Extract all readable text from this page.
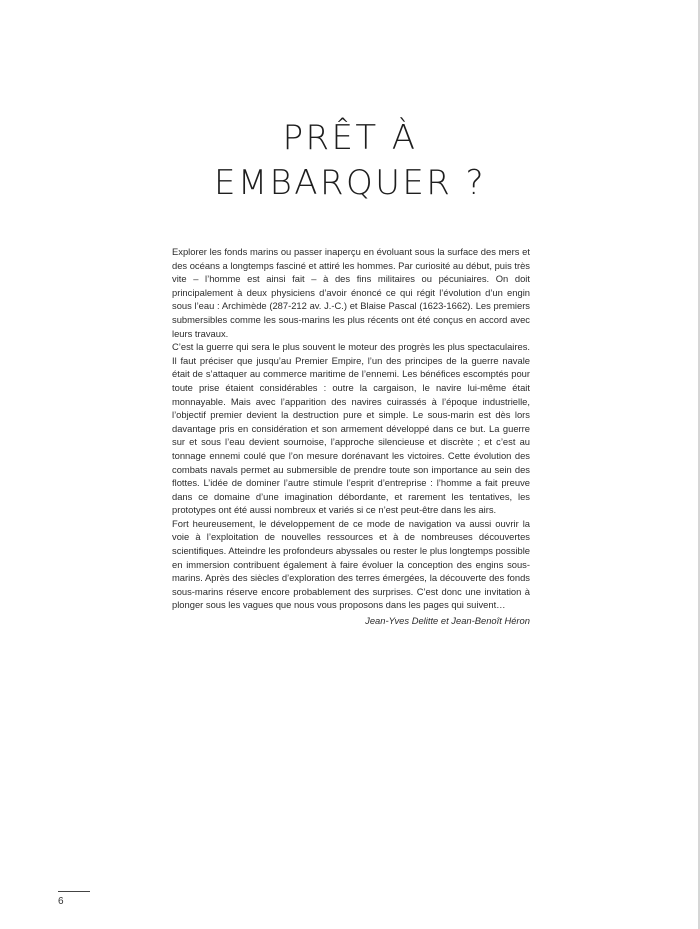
PRÊT À
EMBARQUER ?

Explorer les fonds marins ou passer inaperçu en évoluant sous la surface des mers et des océans a longtemps fasciné et attiré les hommes. Par curiosité au début, puis très vite – l’homme est ainsi fait – à des fins militaires ou pécuniaires. On doit principalement à deux physiciens d’avoir énoncé ce qui régit l’évolution d’un engin sous l’eau : Archimède (287-212 av. J.-C.) et Blaise Pascal (1623-1662). Les premiers submersibles comme les sous-marins les plus récents ont été conçus en accord avec leurs travaux.

C’est la guerre qui sera le plus souvent le moteur des progrès les plus spectaculaires. Il faut préciser que jusqu’au Premier Empire, l’un des principes de la guerre navale était de s’attaquer au commerce maritime de l’ennemi. Les bénéfices escomptés pour toute prise étaient considérables : outre la cargaison, le navire lui-même était monnayable. Mais avec l’apparition des navires cuirassés à l’époque industrielle, l’objectif premier devient la destruction pure et simple. Le sous-marin est dès lors davantage pris en considération et son armement développé dans ce but. La guerre sur et sous l’eau devient sournoise, l’approche silencieuse et discrète ; et c’est au tonnage ennemi coulé que l’on mesure dorénavant les victoires. Cette évolution des combats navals permet au submersible de prendre toute son importance au sein des flottes. L’idée de dominer l’autre stimule l’esprit d’entreprise : l’homme a fait preuve dans ce domaine d’une imagination débordante, et rarement les tentatives, les prototypes ont été aussi nombreux et variés si ce n’est peut-être dans les airs.

Fort heureusement, le développement de ce mode de navigation va aussi ouvrir la voie à l’exploitation de nouvelles ressources et à de nombreuses découvertes scientifiques. Atteindre les profondeurs abyssales ou rester le plus longtemps possible en immersion contribuent également à faire évoluer la conception des engins sous-marins. Après des siècles d’exploration des terres émergées, la découverte des fonds sous-marins réserve encore probablement des surprises. C’est donc une invitation à plonger sous les vagues que nous vous proposons dans les pages qui suivent…

Jean-Yves Delitte et Jean-Benoît Héron
6
